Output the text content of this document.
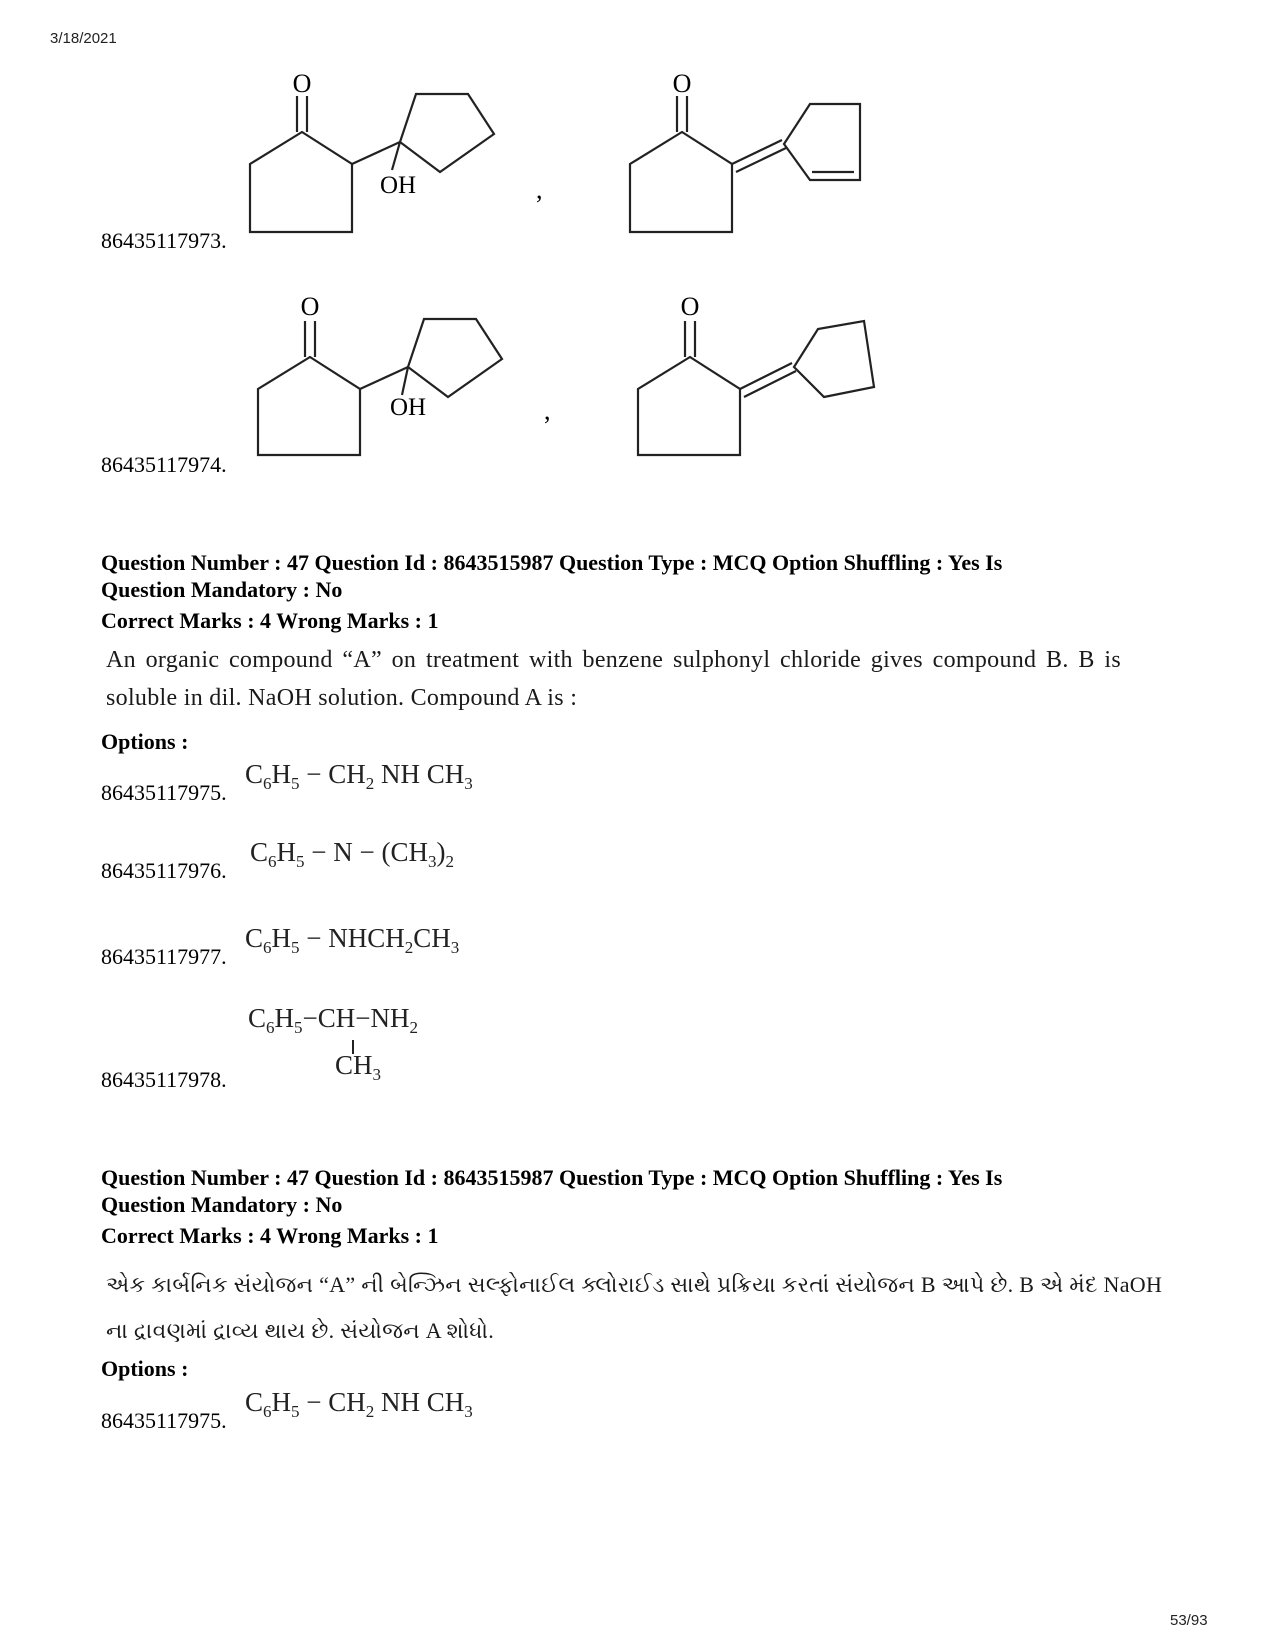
3/18/2021
86435117973.
O
OH	,
O
86435117974.
O
OH	,
O
Question Number : 47 Question Id : 8643515987 Question Type : MCQ Option Shuffling : Yes Is
Question Mandatory : No
Correct Marks : 4 Wrong Marks : 1
An organic compound “A” on treatment with benzene sulphonyl chloride gives compound B. B is soluble in dil. NaOH solution. Compound A is :
Options :
86435117975.
$C_6H_5 - CH_2$ NH $CH_3$
86435117976.
$C_6H_5 - N - (CH_3)_2$
86435117977.
$C_6H_5$ − $NHCH_2CH_3$
86435117978.
$C_6H_5-CH-NH_2$
$CH_3$
Question Number : 47 Question Id : 8643515987 Question Type : MCQ Option Shuffling : Yes Is
Question Mandatory : No
Correct Marks : 4 Wrong Marks : 1
એક કાર્બનિક સંયોજન “A” ની બેન્ઝિન સલ્ફોનાઈલ ક્લોરાઈડ સાથે પ્રક્રિયા કરતાં સંયોજન B આપે છે. B એ મંદ NaOH
ના દ્રાવણમાં દ્રાવ્ય થાય છે. સંયોજન A શોધો.
Options :
86435117975.
$C_6H_5 - CH_2$ NH $CH_3$
53/93
